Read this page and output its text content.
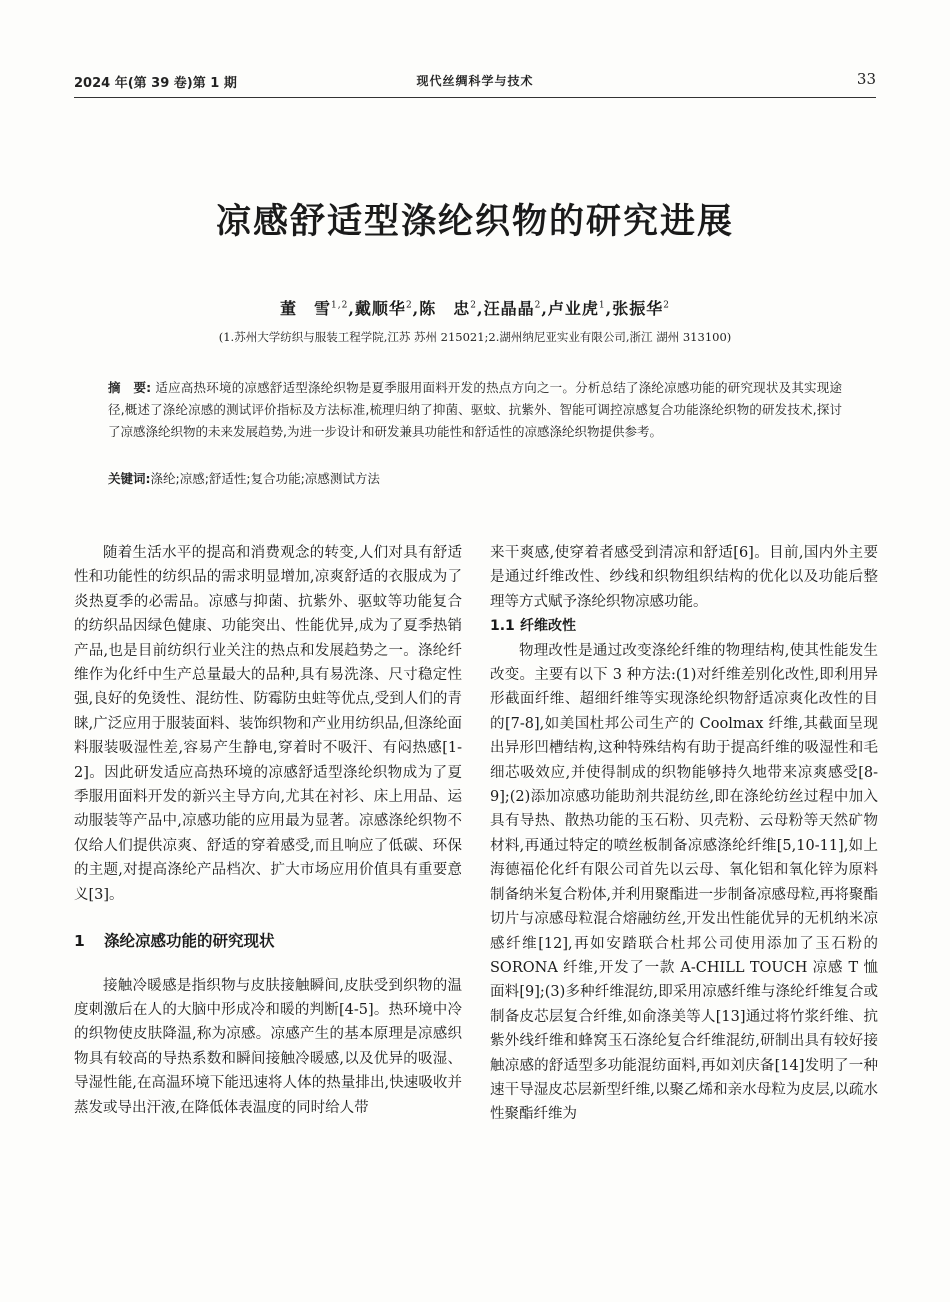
2024 年(第 39 卷)第 1 期	现代丝绸科学与技术	33
凉感舒适型涤纶织物的研究进展
董　雪$^{1,2}$,戴顺华$^2$,陈　忠$^2$,汪晶晶$^2$,卢业虎$^1$,张振华$^2$
(1.苏州大学纺织与服装工程学院,江苏 苏州 215021;2.湖州纳尼亚实业有限公司,浙江 湖州 313100)
摘　要: 适应高热环境的凉感舒适型涤纶织物是夏季服用面料开发的热点方向之一。分析总结了涤纶凉感功能的研究现状及其实现途径,概述了涤纶凉感的测试评价指标及方法标准,梳理归纳了抑菌、驱蚊、抗紫外、智能可调控凉感复合功能涤纶织物的研发技术,探讨了凉感涤纶织物的未来发展趋势,为进一步设计和研发兼具功能性和舒适性的凉感涤纶织物提供参考。
关键词:涤纶;凉感;舒适性;复合功能;凉感测试方法

随着生活水平的提高和消费观念的转变,人们对具有舒适性和功能性的纺织品的需求明显增加,凉爽舒适的衣服成为了炎热夏季的必需品。凉感与抑菌、抗紫外、驱蚊等功能复合的纺织品因绿色健康、功能突出、性能优异,成为了夏季热销产品,也是目前纺织行业关注的热点和发展趋势之一。涤纶纤维作为化纤中生产总量最大的品种,具有易洗涤、尺寸稳定性强,良好的免烫性、混纺性、防霉防虫蛀等优点,受到人们的青睐,广泛应用于服装面料、装饰织物和产业用纺织品,但涤纶面料服装吸湿性差,容易产生静电,穿着时不吸汗、有闷热感[1-2]。因此研发适应高热环境的凉感舒适型涤纶织物成为了夏季服用面料开发的新兴主导方向,尤其在衬衫、床上用品、运动服装等产品中,凉感功能的应用最为显著。凉感涤纶织物不仅给人们提供凉爽、舒适的穿着感受,而且响应了低碳、环保的主题,对提高涤纶产品档次、扩大市场应用价值具有重要意义[3]。

1 涤纶凉感功能的研究现状

接触冷暖感是指织物与皮肤接触瞬间,皮肤受到织物的温度刺激后在人的大脑中形成冷和暖的判断[4-5]。热环境中冷的织物使皮肤降温,称为凉感。凉感产生的基本原理是凉感织物具有较高的导热系数和瞬间接触冷暖感,以及优异的吸湿、导湿性能,在高温环境下能迅速将人体的热量排出,快速吸收并蒸发或导出汗液,在降低体表温度的同时给人带

来干爽感,使穿着者感受到清凉和舒适[6]。目前,国内外主要是通过纤维改性、纱线和织物组织结构的优化以及功能后整理等方式赋予涤纶织物凉感功能。

1.1 纤维改性

物理改性是通过改变涤纶纤维的物理结构,使其性能发生改变。主要有以下 3 种方法:(1)对纤维差别化改性,即利用异形截面纤维、超细纤维等实现涤纶织物舒适凉爽化改性的目的[7-8],如美国杜邦公司生产的 Coolmax 纤维,其截面呈现出异形凹槽结构,这种特殊结构有助于提高纤维的吸湿性和毛细芯吸效应,并使得制成的织物能够持久地带来凉爽感受[8-9];(2)添加凉感功能助剂共混纺丝,即在涤纶纺丝过程中加入具有导热、散热功能的玉石粉、贝壳粉、云母粉等天然矿物材料,再通过特定的喷丝板制备凉感涤纶纤维[5,10-11],如上海德福伦化纤有限公司首先以云母、氧化铝和氧化锌为原料制备纳米复合粉体,并利用聚酯进一步制备凉感母粒,再将聚酯切片与凉感母粒混合熔融纺丝,开发出性能优异的无机纳米凉感纤维[12],再如安踏联合杜邦公司使用添加了玉石粉的 SORONA 纤维,开发了一款 A-CHILL TOUCH 凉感 T 恤面料[9];(3)多种纤维混纺,即采用凉感纤维与涤纶纤维复合或制备皮芯层复合纤维,如俞涤美等人[13]通过将竹浆纤维、抗紫外线纤维和蜂窝玉石涤纶复合纤维混纺,研制出具有较好接触凉感的舒适型多功能混纺面料,再如刘庆备[14]发明了一种速干导湿皮芯层新型纤维,以聚乙烯和亲水母粒为皮层,以疏水性聚酯纤维为
